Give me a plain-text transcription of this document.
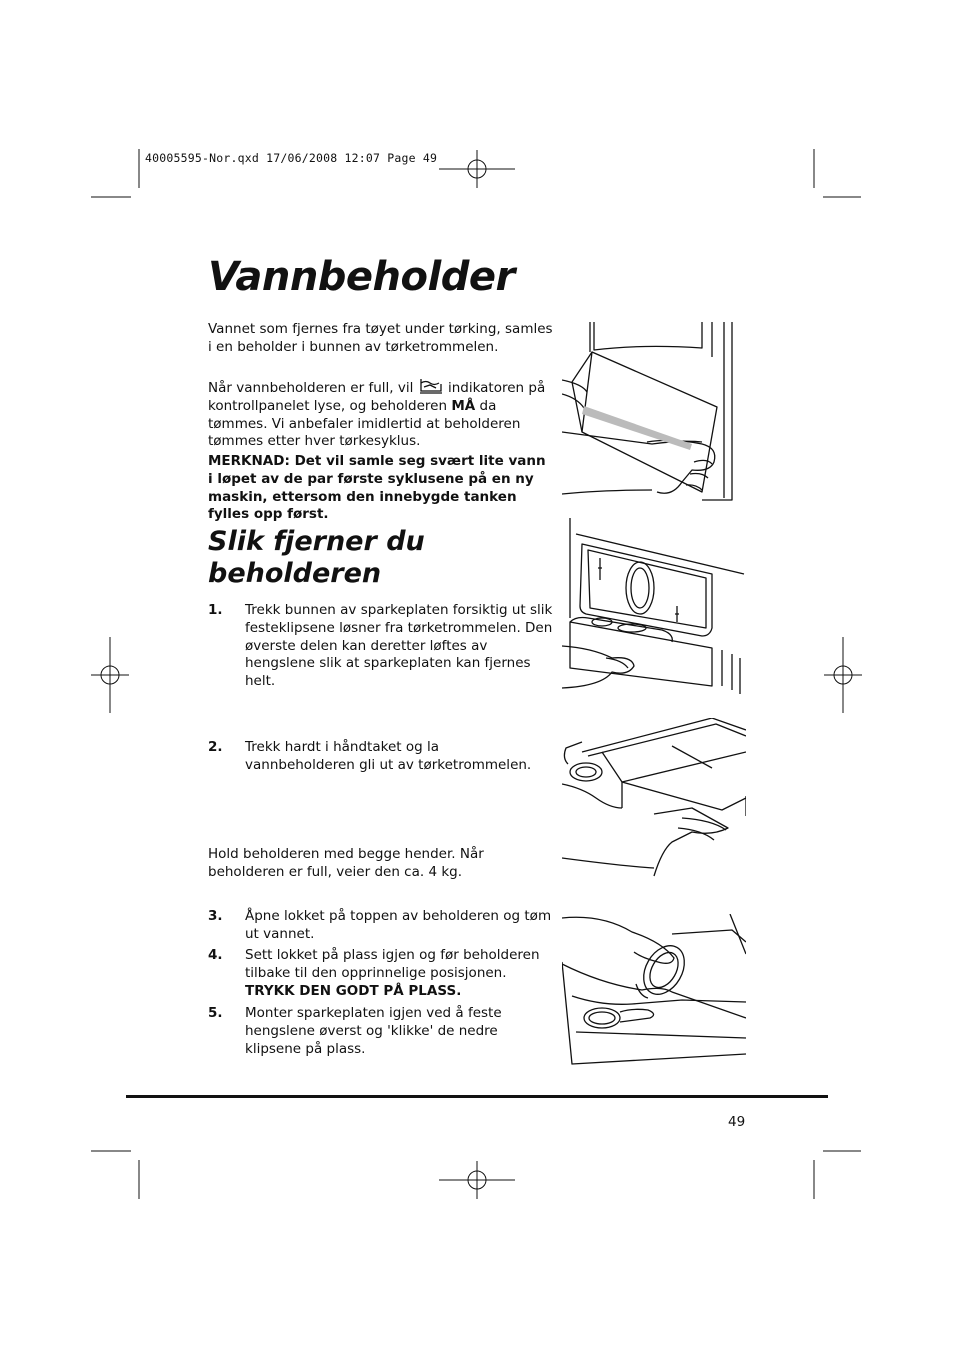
40005595-Nor.qxd 17/06/2008 12:07 Page 49
Vannbeholder

Vannet som fjernes fra tøyet under tørking, samles i en beholder i bunnen av tørketrommelen.

Når vannbeholderen er full, vil	indikatoren på kontrollpanelet lyse, og beholderen MÅ da tømmes. Vi anbefaler imidlertid at beholderen tømmes etter hver tørkesyklus.

MERKNAD: Det vil samle seg svært lite vann i løpet av de par første syklusene på en ny maskin, ettersom den innebygde tanken fylles opp først.

Slik fjerner du beholderen
1. Trekk bunnen av sparkeplaten forsiktig ut slik festeklipsene løsner fra tørketrommelen. Den øverste delen kan deretter løftes av hengslene slik at sparkeplaten kan fjernes helt.
2. Trekk hardt i håndtaket og la vannbeholderen gli ut av tørketrommelen.

Hold beholderen med begge hender. Når beholderen er full, veier den ca. 4 kg.

3. Åpne lokket på toppen av beholderen og tøm ut vannet.
4. Sett lokket på plass igjen og før beholderen tilbake til den opprinnelige posisjonen.
TRYKK DEN GODT PÅ PLASS.
5. Monter sparkeplaten igjen ved å feste hengslene øverst og 'klikke' de nedre klipsene på plass.
49
